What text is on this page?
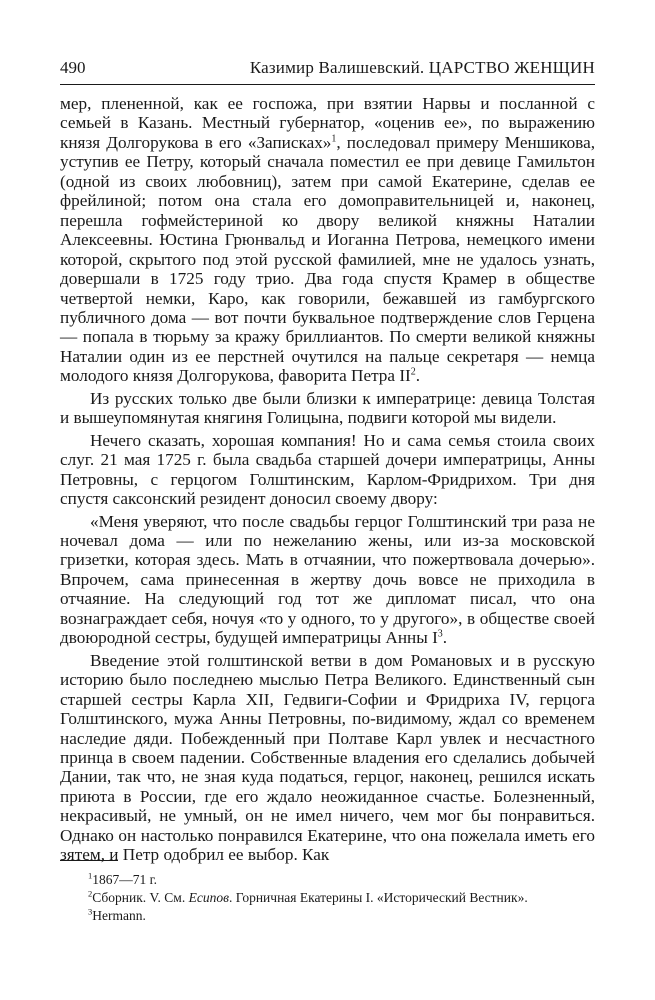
490	Казимир Валишевский. ЦАРСТВО ЖЕНЩИН

мер, плененной, как ее госпожа, при взятии Нарвы и посланной с семьей в Казань. Местный губернатор, «оценив ее», по выражению князя Долгорукова в его «Записках»$^1$, последовал примеру Меншикова, уступив ее Петру, который сначала поместил ее при девице Гамильтон (одной из своих любовниц), затем при самой Екатерине, сделав ее фрейлиной; потом она стала его домоправительницей и, наконец, перешла гофмейстериной ко двору великой княжны Наталии Алексеевны. Юстина Грюнвальд и Иоганна Петрова, немецкого имени которой, скрытого под этой русской фамилией, мне не удалось узнать, довершали в 1725 году трио. Два года спустя Крамер в обществе четвертой немки, Каро, как говорили, бежавшей из гамбургского публичного дома — вот почти буквальное подтверждение слов Герцена — попала в тюрьму за кражу бриллиантов. По смерти великой княжны Наталии один из ее перстней очутился на пальце секретаря — немца молодого князя Долгорукова, фаворита Петра $II^2$.

Из русских только две были близки к императрице: девица Толстая и вышеупомянутая княгиня Голицына, подвиги которой мы видели.

Нечего сказать, хорошая компания! Но и сама семья стоила своих слуг. 21 мая 1725 г. была свадьба старшей дочери императрицы, Анны Петровны, с герцогом Голштинским, Карлом-Фридрихом. Три дня спустя саксонский резидент доносил своему двору:

«Меня уверяют, что после свадьбы герцог Голштинский три раза не ночевал дома — или по нежеланию жены, или из-за московской гризетки, которая здесь. Мать в отчаянии, что пожертвовала дочерью». Впрочем, сама принесенная в жертву дочь вовсе не приходила в отчаяние. На следующий год тот же дипломат писал, что она вознаграждает себя, ночуя «то у одного, то у другого», в обществе своей двоюродной сестры, будущей императрицы Анны $I^3$.

Введение этой голштинской ветви в дом Романовых и в русскую историю было последнею мыслью Петра Великого. Единственный сын старшей сестры Карла XII, Гедвиги-Софии и Фридриха IV, герцога Голштинского, мужа Анны Петровны, по-видимому, ждал со временем наследие дяди. Побежденный при Полтаве Карл увлек и несчастного принца в своем падении. Собственные владения его сделались добычей Дании, так что, не зная куда податься, герцог, наконец, решился искать приюта в России, где его ждало неожиданное счастье. Болезненный, некрасивый, не умный, он не имел ничего, чем мог бы понравиться. Однако он настолько понравился Екатерине, что она пожелала иметь его зятем, и Петр одобрил ее выбор. Как

$^1$1867—71 г.

$^2$Сборник. V. См. Есипов. Горничная Екатерины I. «Исторический Вестник».

$^3$Hermann.
